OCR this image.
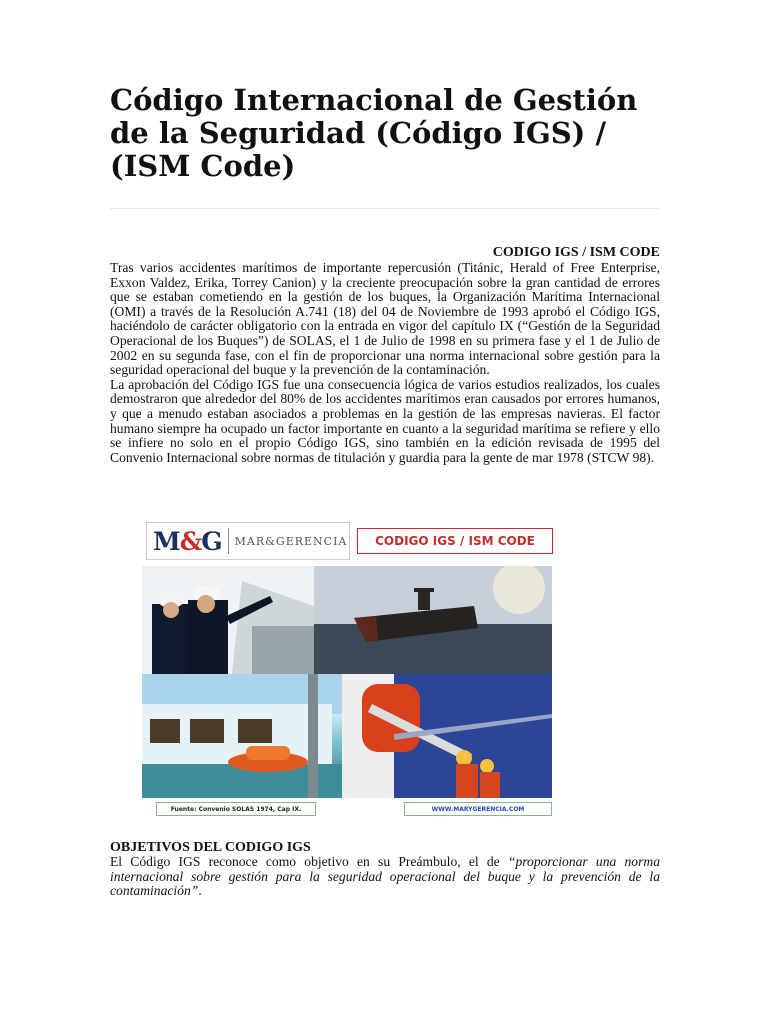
Código Internacional de Gestión de la Seguridad (Código IGS) / (ISM Code)
CODIGO IGS / ISM CODE

Tras varios accidentes marítimos de importante repercusión (Titánic, Herald of Free Enterprise, Exxon Valdez, Erika, Torrey Canion) y la creciente preocupación sobre la gran cantidad de errores que se estaban cometiendo en la gestión de los buques, la Organización Marítima Internacional (OMI) a través de la Resolución A.741 (18) del 04 de Noviembre de 1993 aprobó el Código IGS, haciéndolo de carácter obligatorio con la entrada en vigor del capítulo IX (“Gestión de la Seguridad Operacional de los Buques”) de SOLAS, el 1 de Julio de 1998 en su primera fase y el 1 de Julio de 2002 en su segunda fase, con el fin de proporcionar una norma internacional sobre gestión para la seguridad operacional del buque y la prevención de la contaminación.

La aprobación del Código IGS fue una consecuencia lógica de varios estudios realizados, los cuales demostraron que alrededor del 80% de los accidentes marítimos eran causados por errores humanos, y que a menudo estaban asociados a problemas en la gestión de las empresas navieras. El factor humano siempre ha ocupado un factor importante en cuanto a la seguridad marítima se refiere y ello se infiere no solo en el propio Código IGS, sino también en la edición revisada de 1995 del Convenio Internacional sobre normas de titulación y guardia para la gente de mar 1978 (STCW 98).

OBJETIVOS DEL CODIGO IGS
El Código IGS reconoce como objetivo en su Preámbulo, el de “proporcionar una norma internacional sobre gestión para la seguridad operacional del buque y la prevención de la contaminación”.
M&G MAR&GERENCIA	CODIGO IGS / ISM CODE
Fuente: Convenio SOLAS 1974, Cap IX.	WWW.MARYGERENCIA.COM
